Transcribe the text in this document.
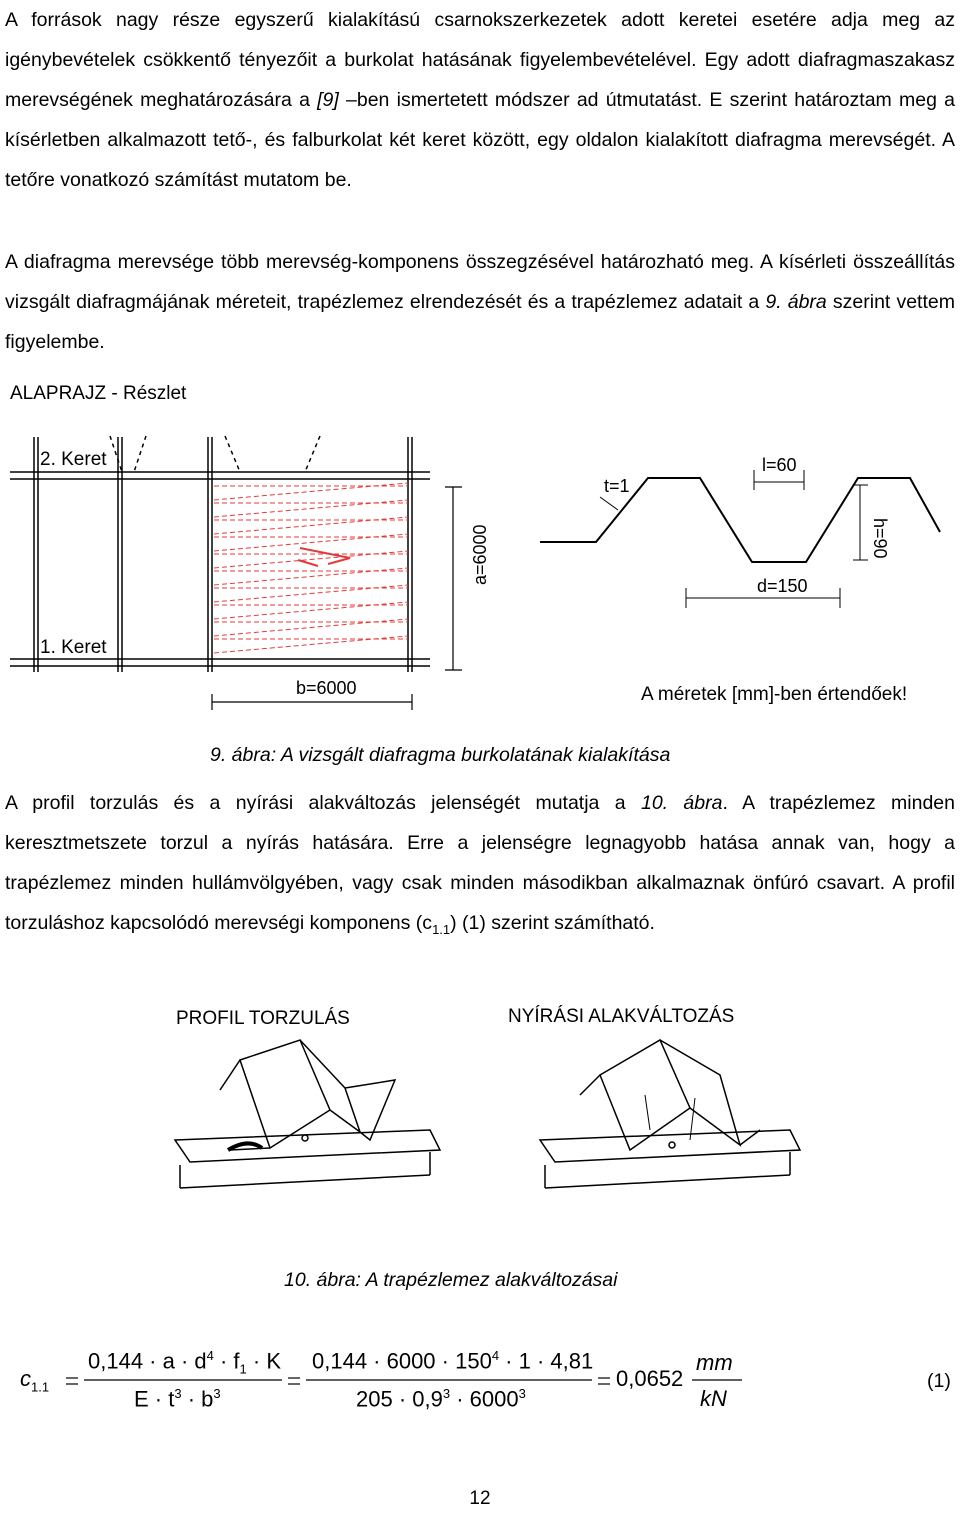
A források nagy része egyszerű kialakítású csarnokszerkezetek adott keretei esetére adja meg az igénybevételek csökkentő tényezőit a burkolat hatásának figyelembevételével. Egy adott diafragmaszakasz merevségének meghatározására a [9] –ben ismertetett módszer ad útmutatást. E szerint határoztam meg a kísérletben alkalmazott tető-, és falburkolat két keret között, egy oldalon kialakított diafragma merevségét. A tetőre vonatkozó számítást mutatom be.

A diafragma merevsége több merevség-komponens összegzésével határozható meg. A kísérleti összeállítás vizsgált diafragmájának méreteit, trapézlemez elrendezését és a trapézlemez adatait a 9. ábra szerint vettem figyelembe.

ALAPRAJZ - Részlet
2. Keret
1. Keret
a=6000
b=6000
t=1
l=60
d=150
h=90
A méretek [mm]-ben értendőek!
9. ábra: A vizsgált diafragma burkolatának kialakítása

A profil torzulás és a nyírási alakváltozás jelenségét mutatja a 10. ábra. A trapézlemez minden keresztmetszete torzul a nyírás hatására. Erre a jelenségre legnagyobb hatása annak van, hogy a trapézlemez minden hullámvölgyében, vagy csak minden másodikban alkalmaznak önfúró csavart. A profil torzuláshoz kapcsolódó merevségi komponens $(c_{1.1})$ (1) szerint számítható.

PROFIL TORZULÁS	NYÍRÁSI ALAKVÁLTOZÁS
10. ábra: A trapézlemez alakváltozásai
$c_{1.1}$
$0,144 \cdot a \cdot d^4 \cdot f_1 \cdot K$
$E \cdot t^3 \cdot b^3$
$0,144 \cdot 6000 \cdot 150^4 \cdot 1 \cdot 4,81$
$205 \cdot 0,9^3 \cdot 6000^3$
0,0652
mm
kN
(1)
12
